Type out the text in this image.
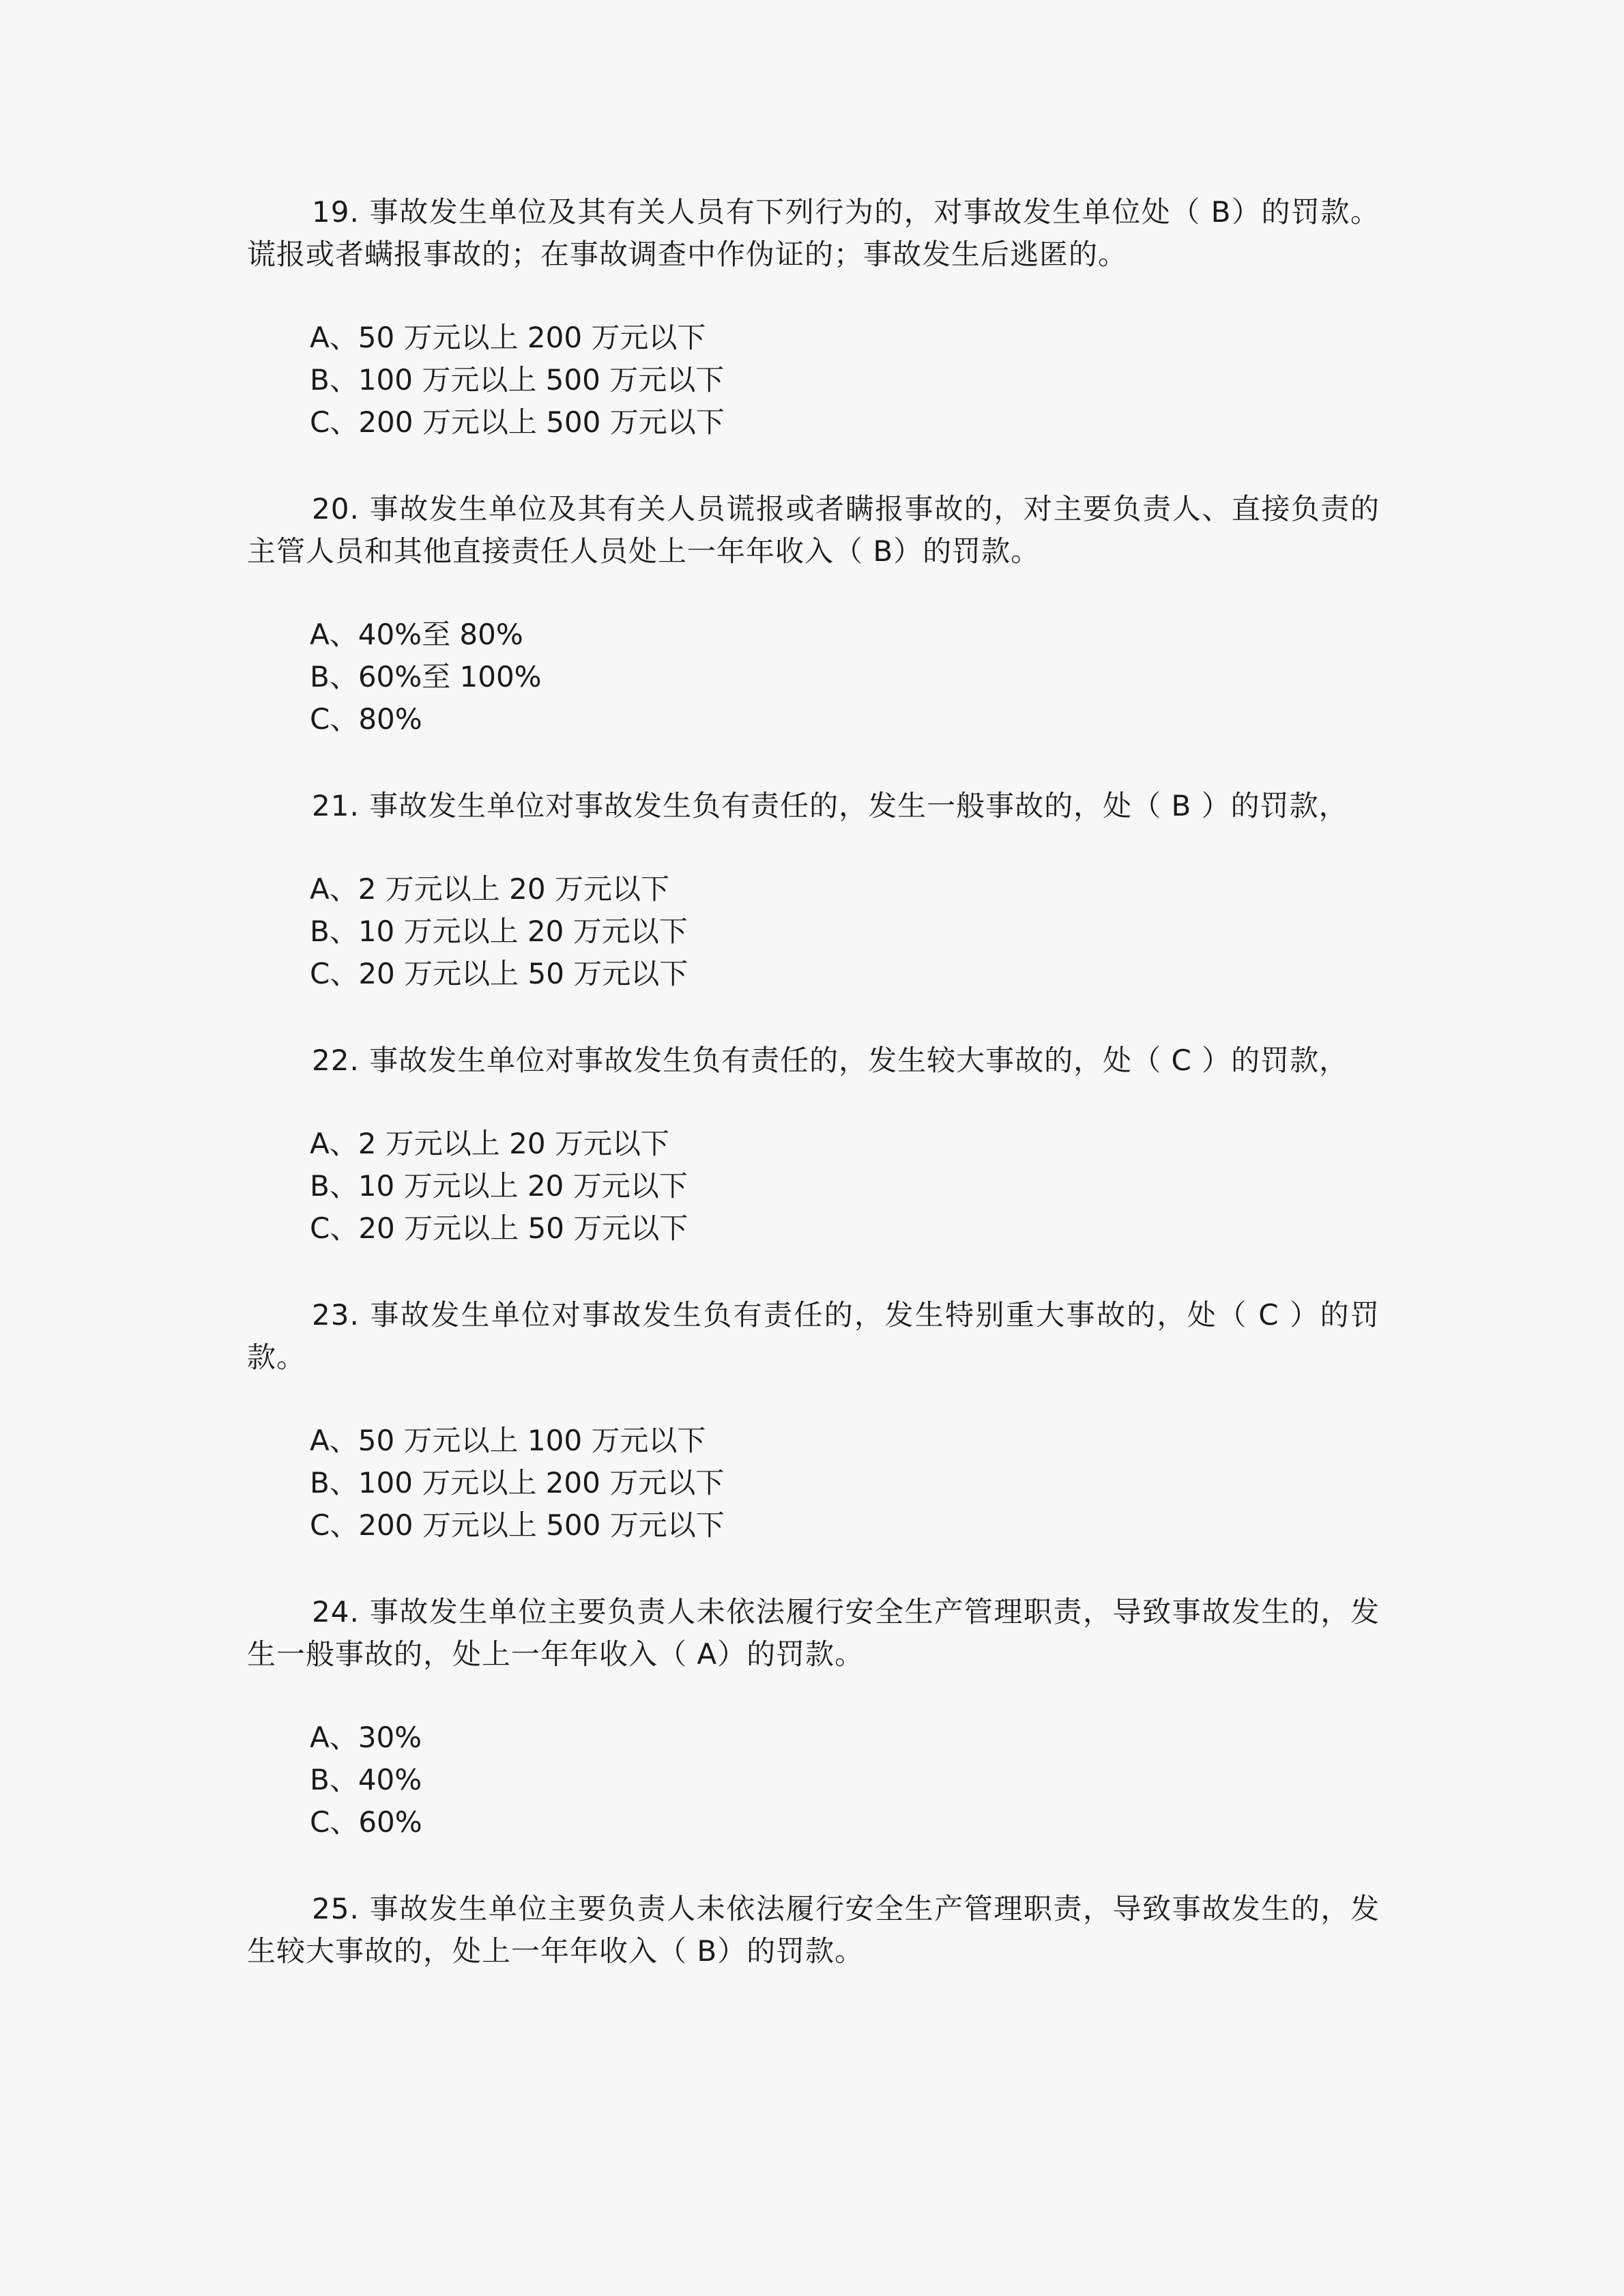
19. 事故发生单位及其有关人员有下列行为的，对事故发生单位处（ B）的罚款。谎报或者螨报事故的；在事故调查中作伪证的；事故发生后逃匿的。

A、50 万元以上 200 万元以下
B、100 万元以上 500 万元以下
C、200 万元以上 500 万元以下

20. 事故发生单位及其有关人员谎报或者瞒报事故的，对主要负责人、直接负责的主管人员和其他直接责任人员处上一年年收入（ B）的罚款。

A、40%至 80%
B、60%至 100%
C、80%

21. 事故发生单位对事故发生负有责任的，发生一般事故的，处（ B ）的罚款，

A、2 万元以上 20 万元以下
B、10 万元以上 20 万元以下
C、20 万元以上 50 万元以下

22. 事故发生单位对事故发生负有责任的，发生较大事故的，处（ C ）的罚款，

A、2 万元以上 20 万元以下
B、10 万元以上 20 万元以下
C、20 万元以上 50 万元以下

23. 事故发生单位对事故发生负有责任的，发生特别重大事故的，处（ C ）的罚款。

A、50 万元以上 100 万元以下
B、100 万元以上 200 万元以下
C、200 万元以上 500 万元以下

24. 事故发生单位主要负责人未依法履行安全生产管理职责，导致事故发生的，发生一般事故的，处上一年年收入（ A）的罚款。

A、30%
B、40%
C、60%

25. 事故发生单位主要负责人未依法履行安全生产管理职责，导致事故发生的，发生较大事故的，处上一年年收入（ B）的罚款。
